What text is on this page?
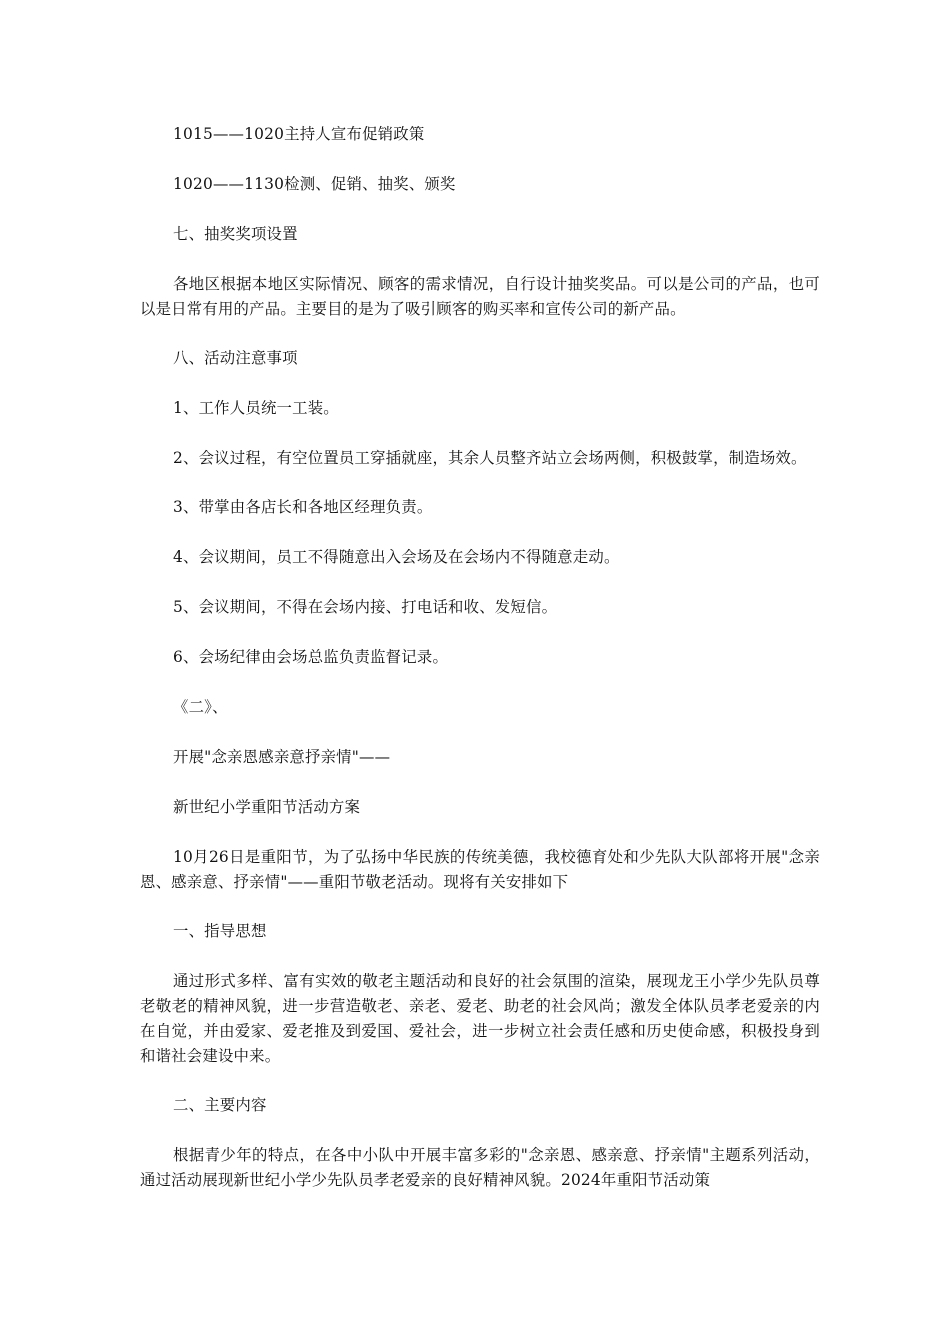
1015——1020主持人宣布促销政策

1020——1130检测、促销、抽奖、颁奖

七、抽奖奖项设置

各地区根据本地区实际情况、顾客的需求情况，自行设计抽奖奖品。可以是公司的产品，也可以是日常有用的产品。主要目的是为了吸引顾客的购买率和宣传公司的新产品。

八、活动注意事项

1、工作人员统一工装。

2、会议过程，有空位置员工穿插就座，其余人员整齐站立会场两侧，积极鼓掌，制造场效。

3、带掌由各店长和各地区经理负责。

4、会议期间，员工不得随意出入会场及在会场内不得随意走动。

5、会议期间，不得在会场内接、打电话和收、发短信。

6、会场纪律由会场总监负责监督记录。

《二》、

开展"念亲恩感亲意抒亲情"——

新世纪小学重阳节活动方案

10月26日是重阳节，为了弘扬中华民族的传统美德，我校德育处和少先队大队部将开展"念亲恩、感亲意、抒亲情"——重阳节敬老活动。现将有关安排如下

一、指导思想

通过形式多样、富有实效的敬老主题活动和良好的社会氛围的渲染，展现龙王小学少先队员尊老敬老的精神风貌，进一步营造敬老、亲老、爱老、助老的社会风尚；激发全体队员孝老爱亲的内在自觉，并由爱家、爱老推及到爱国、爱社会，进一步树立社会责任感和历史使命感，积极投身到和谐社会建设中来。

二、主要内容

根据青少年的特点，在各中小队中开展丰富多彩的"念亲恩、感亲意、抒亲情"主题系列活动，通过活动展现新世纪小学少先队员孝老爱亲的良好精神风貌。2024年重阳节活动策
